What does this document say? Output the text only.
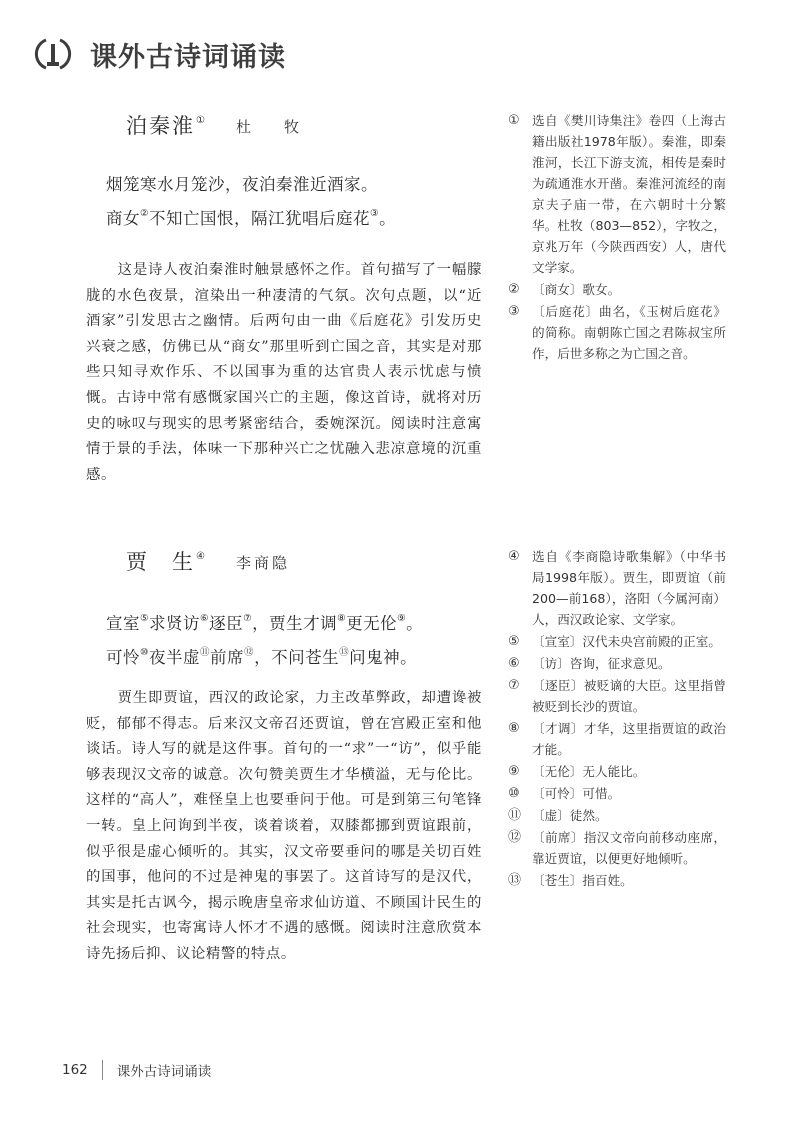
课外古诗词诵读
泊秦淮① 杜　牧
烟笼寒水月笼沙，夜泊秦淮近酒家。
商女②不知亡国恨，隔江犹唱后庭花③。
这是诗人夜泊秦淮时触景感怀之作。首句描写了一幅朦胧的水色夜景，渲染出一种凄清的气氛。次句点题，以“近酒家”引发思古之幽情。后两句由一曲《后庭花》引发历史兴衰之感，仿佛已从“商女”那里听到亡国之音，其实是对那些只知寻欢作乐、不以国事为重的达官贵人表示忧虑与愤慨。古诗中常有感慨家国兴亡的主题，像这首诗，就将对历史的咏叹与现实的思考紧密结合，委婉深沉。阅读时注意寓情于景的手法，体味一下那种兴亡之忧融入悲凉意境的沉重感。
① 选自《樊川诗集注》卷四（上海古籍出版社1978年版）。秦淮，即秦淮河，长江下游支流，相传是秦时为疏通淮水开凿。秦淮河流经的南京夫子庙一带，在六朝时十分繁华。杜牧（803—852），字牧之，京兆万年（今陕西西安）人，唐代文学家。
② 〔商女〕歌女。
③ 〔后庭花〕曲名，《玉树后庭花》的简称。南朝陈亡国之君陈叔宝所作，后世多称之为亡国之音。
贾　生④ 李商隐
宣室⑤求贤访⑥逐臣⑦，贾生才调⑧更无伦⑨。
可怜⑩夜半虚⑪前席⑫，不问苍生⑬问鬼神。
贾生即贾谊，西汉的政论家，力主改革弊政，却遭谗被贬，郁郁不得志。后来汉文帝召还贾谊，曾在宫殿正室和他谈话。诗人写的就是这件事。首句的一“求”一“访”，似乎能够表现汉文帝的诚意。次句赞美贾生才华横溢，无与伦比。这样的“高人”，难怪皇上也要垂问于他。可是到第三句笔锋一转。皇上问询到半夜，谈着谈着，双膝都挪到贾谊跟前，似乎很是虚心倾听的。其实，汉文帝要垂问的哪是关切百姓的国事，他问的不过是神鬼的事罢了。这首诗写的是汉代，其实是托古讽今，揭示晚唐皇帝求仙访道、不顾国计民生的社会现实，也寄寓诗人怀才不遇的感慨。阅读时注意欣赏本诗先扬后抑、议论精警的特点。
④ 选自《李商隐诗歌集解》（中华书局1998年版）。贾生，即贾谊（前200—前168），洛阳（今属河南）人，西汉政论家、文学家。
⑤ 〔宣室〕汉代未央宫前殿的正室。
⑥ 〔访〕咨询，征求意见。
⑦ 〔逐臣〕被贬谪的大臣。这里指曾被贬到长沙的贾谊。
⑧ 〔才调〕才华，这里指贾谊的政治才能。
⑨ 〔无伦〕无人能比。
⑩ 〔可怜〕可惜。
⑪ 〔虚〕徒然。
⑫ 〔前席〕指汉文帝向前移动座席，靠近贾谊，以便更好地倾听。
⑬ 〔苍生〕指百姓。
162 课外古诗词诵读
